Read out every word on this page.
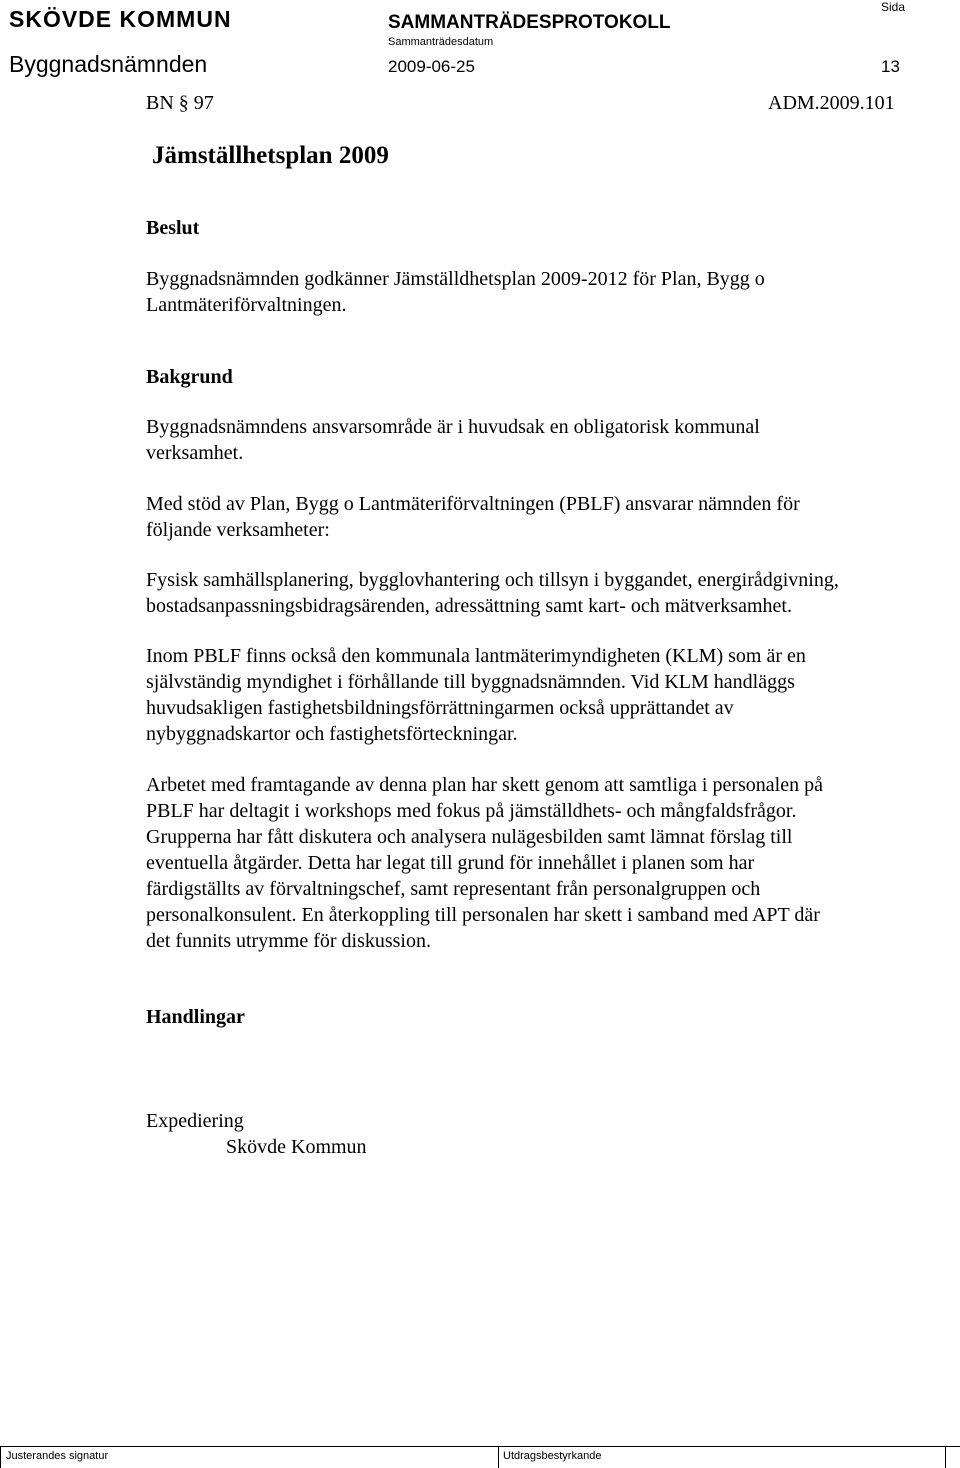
SKÖVDE KOMMUN	SAMMANTRÄDESPROTOKOLL
Sida
Sammanträdesdatum
Byggnadsnämnden	2009-06-25	13
BN § 97	ADM.2009.101
Jämställhetsplan 2009
Beslut
Byggnadsnämnden godkänner Jämställdhetsplan 2009-2012 för Plan, Bygg o
Lantmäteriförvaltningen.
Bakgrund
Byggnadsnämndens ansvarsområde är i huvudsak en obligatorisk kommunal
verksamhet.
Med stöd av Plan, Bygg o Lantmäteriförvaltningen (PBLF) ansvarar nämnden för
följande verksamheter:
Fysisk samhällsplanering, bygglovhantering och tillsyn i byggandet, energirådgivning,
bostadsanpassningsbidragsärenden, adressättning samt kart- och mätverksamhet.
Inom PBLF finns också den kommunala lantmäterimyndigheten (KLM) som är en
självständig myndighet i förhållande till byggnadsnämnden. Vid KLM handläggs
huvudsakligen fastighetsbildningsförrättningarmen också upprättandet av
nybyggnadskartor och fastighetsförteckningar.
Arbetet med framtagande av denna plan har skett genom att samtliga i personalen på
PBLF har deltagit i workshops med fokus på jämställdhets- och mångfaldsfrågor.
Grupperna har fått diskutera och analysera nulägesbilden samt lämnat förslag till
eventuella åtgärder. Detta har legat till grund för innehållet i planen som har
färdigställts av förvaltningschef, samt representant från personalgruppen och
personalkonsulent. En återkoppling till personalen har skett i samband med APT där
det funnits utrymme för diskussion.
Handlingar
Expediering
Skövde Kommun
Justerandes signatur	Utdragsbestyrkande
